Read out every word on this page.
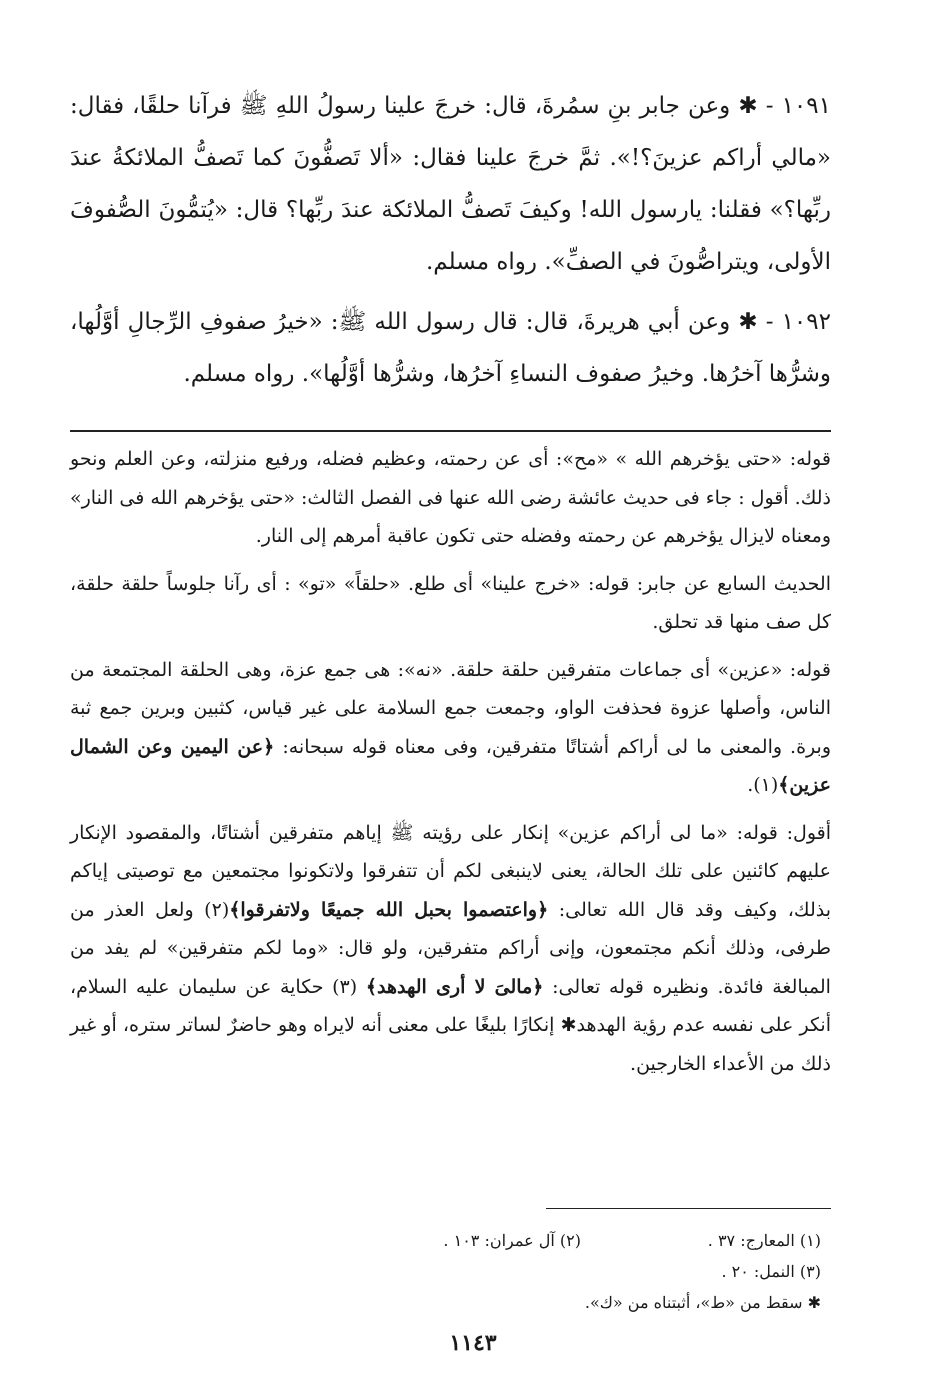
١٠٩١ - ✱ وعن جابر بنِ سمُرةَ، قال: خرجَ علينا رسولُ اللهِ ﷺ فرآنا حلقًا، فقال: «مالي أراكم عزينَ؟!». ثمَّ خرجَ علينا فقال: «ألا تَصفُّونَ كما تَصفُّ الملائكةُ عندَ ربِّها؟» فقلنا: يارسول الله! وكيفَ تَصفُّ الملائكة عندَ ربِّها؟ قال: «يُتمُّونَ الصُّفوفَ الأولى، ويتراصُّونَ في الصفِّ». رواه مسلم.

١٠٩٢ - ✱ وعن أبي هريرةَ، قال: قال رسول الله ﷺ: «خيرُ صفوفِ الرِّجالِ أوَّلُها، وشرُّها آخرُها. وخيرُ صفوف النساءِ آخرُها، وشرُّها أوَّلُها». رواه مسلم.

قوله: «حتى يؤخرهم الله » «مح»: أى عن رحمته، وعظيم فضله، ورفيع منزلته، وعن العلم ونحو ذلك. أقول : جاء فى حديث عائشة رضى الله عنها فى الفصل الثالث: «حتى يؤخرهم الله فى النار» ومعناه لايزال يؤخرهم عن رحمته وفضله حتى تكون عاقبة أمرهم إلى النار.

الحديث السابع عن جابر: قوله: «خرج علينا» أى طلع. «حلقاً» «تو» : أى رآنا جلوساً حلقة حلقة، كل صف منها قد تحلق.

قوله: «عزين» أى جماعات متفرقين حلقة حلقة. «نه»: هى جمع عزة، وهى الحلقة المجتمعة من الناس، وأصلها عزوة فحذفت الواو، وجمعت جمع السلامة على غير قياس، كثبين وبرين جمع ثبة وبرة. والمعنى ما لى أراكم أشتاتًا متفرقين، وفى معناه قوله سبحانه: ﴿عن اليمين وعن الشمال عزين﴾(١).

أقول: قوله: «ما لى أراكم عزين» إنكار على رؤيته ﷺ إياهم متفرقين أشتاتًا، والمقصود الإنكار عليهم كائنين على تلك الحالة، يعنى لاينبغى لكم أن تتفرقوا ولاتكونوا مجتمعين مع توصيتى إياكم بذلك، وكيف وقد قال الله تعالى: ﴿واعتصموا بحبل الله جميعًا ولاتفرقوا﴾(٢) ولعل العذر من طرفى، وذلك أنكم مجتمعون، وإنى أراكم متفرقين، ولو قال: «وما لكم متفرقين» لم يفد من المبالغة فائدة. ونظيره قوله تعالى: ﴿مالىَ لا أرى الهدهد﴾ (٣) حكاية عن سليمان عليه السلام، أنكر على نفسه عدم رؤية الهدهد✱ إنكارًا بليغًا على معنى أنه لايراه وهو حاضرٌ لساتر ستره، أو غير ذلك من الأعداء الخارجين.

(١) المعارج: ٣٧ .
(٢) آل عمران: ١٠٣ .
(٣) النمل: ٢٠ .
✱ سقط من «ط»، أثبتناه من «ك».
١١٤٣
